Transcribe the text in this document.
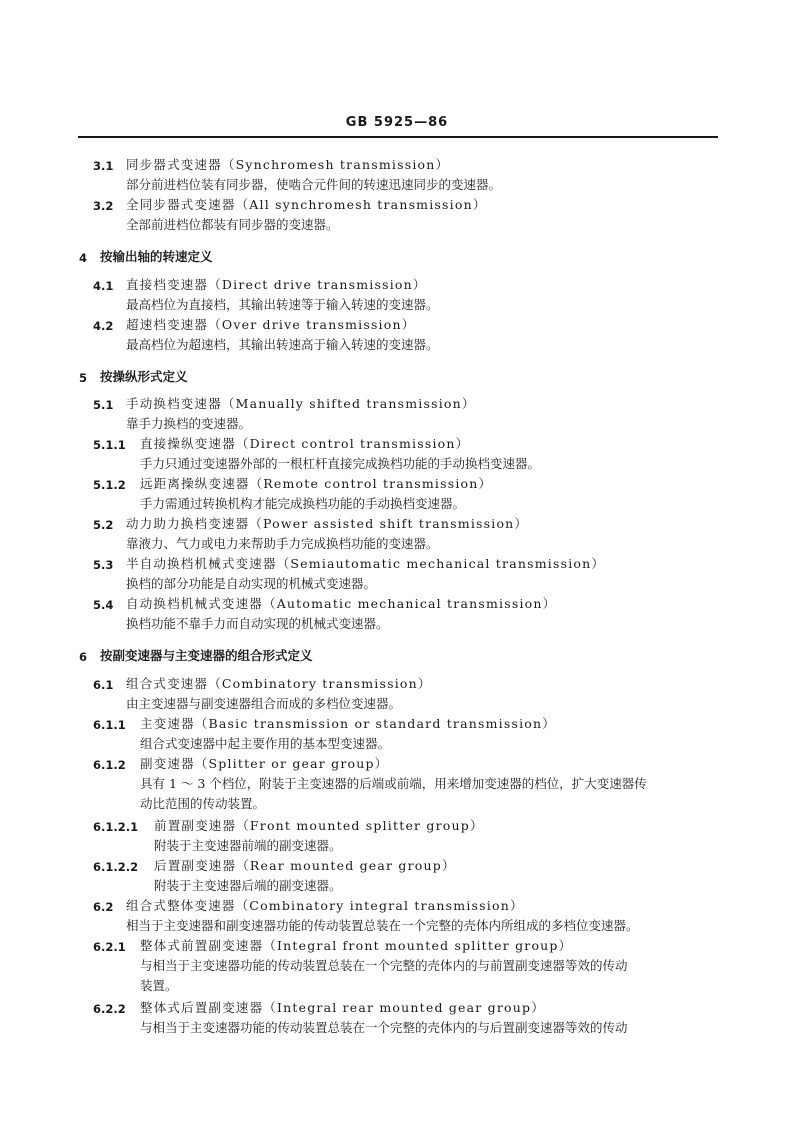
GB 5925—86
3.1 同步器式变速器（Synchromesh transmission）
部分前进档位装有同步器，使啮合元件间的转速迅速同步的变速器。
3.2 全同步器式变速器（All synchromesh transmission）
全部前进档位都装有同步器的变速器。
4 按输出轴的转速定义
4.1 直接档变速器（Direct drive transmission）
最高档位为直接档，其输出转速等于输入转速的变速器。
4.2 超速档变速器（Over drive transmission）
最高档位为超速档，其输出转速高于输入转速的变速器。
5 按操纵形式定义
5.1 手动换档变速器（Manually shifted transmission）
靠手力换档的变速器。
5.1.1 直接操纵变速器（Direct control transmission）
手力只通过变速器外部的一根杠杆直接完成换档功能的手动换档变速器。
5.1.2 远距离操纵变速器（Remote control transmission）
手力需通过转换机构才能完成换档功能的手动换档变速器。
5.2 动力助力换档变速器（Power assisted shift transmission）
靠液力、气力或电力来帮助手力完成换档功能的变速器。
5.3 半自动换档机械式变速器（Semiautomatic mechanical transmission）
换档的部分功能是自动实现的机械式变速器。
5.4 自动换档机械式变速器（Automatic mechanical transmission）
换档功能不靠手力而自动实现的机械式变速器。
6 按副变速器与主变速器的组合形式定义
6.1 组合式变速器（Combinatory transmission）
由主变速器与副变速器组合而成的多档位变速器。
6.1.1 主变速器（Basic transmission or standard transmission）
组合式变速器中起主要作用的基本型变速器。
6.1.2 副变速器（Splitter or gear group）
具有 1 ～ 3 个档位，附装于主变速器的后端或前端，用来增加变速器的档位，扩大变速器传
动比范围的传动装置。
6.1.2.1 前置副变速器（Front mounted splitter group）
附装于主变速器前端的副变速器。
6.1.2.2 后置副变速器（Rear mounted gear group）
附装于主变速器后端的副变速器。
6.2 组合式整体变速器（Combinatory integral transmission）
相当于主变速器和副变速器功能的传动装置总装在一个完整的壳体内所组成的多档位变速器。
6.2.1 整体式前置副变速器（Integral front mounted splitter group）
与相当于主变速器功能的传动装置总装在一个完整的壳体内的与前置副变速器等效的传动
装置。
6.2.2 整体式后置副变速器（Integral rear mounted gear group）
与相当于主变速器功能的传动装置总装在一个完整的壳体内的与后置副变速器等效的传动
